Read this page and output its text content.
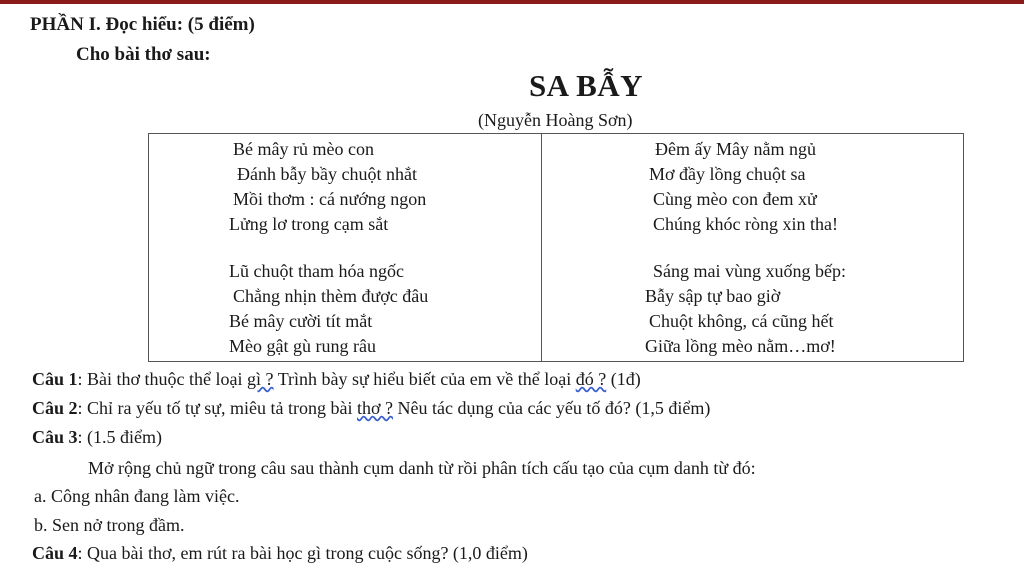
PHẦN I. Đọc hiểu: (5 điểm)
Cho bài thơ sau:
SA BẪY
(Nguyễn Hoàng Sơn)
Bé mây rủ mèo con
Đánh bẫy bầy chuột nhắt
Mồi thơm : cá nướng ngon
Lửng lơ trong cạm sắt
Lũ chuột tham hóa ngốc
Chẳng nhịn thèm được đâu
Bé mây cười tít mắt
Mèo gật gù rung râu
Đêm ấy Mây nằm ngủ
Mơ đầy lồng chuột sa
Cùng mèo con đem xử
Chúng khóc ròng xin tha!
Sáng mai vùng xuống bếp:
Bẫy sập tự bao giờ
Chuột không, cá cũng hết
Giữa lồng mèo nằm…mơ!
Câu 1: Bài thơ thuộc thể loại gì ? Trình bày sự hiểu biết của em về thể loại đó ? (1đ)
Câu 2: Chỉ ra yếu tố tự sự, miêu tả trong bài thơ ? Nêu tác dụng của các yếu tố đó? (1,5 điểm)
Câu 3: (1.5 điểm)
Mở rộng chủ ngữ trong câu sau thành cụm danh từ rồi phân tích cấu tạo của cụm danh từ đó:
a. Công nhân đang làm việc.
b. Sen nở trong đầm.
Câu 4: Qua bài thơ, em rút ra bài học gì trong cuộc sống? (1,0 điểm)
